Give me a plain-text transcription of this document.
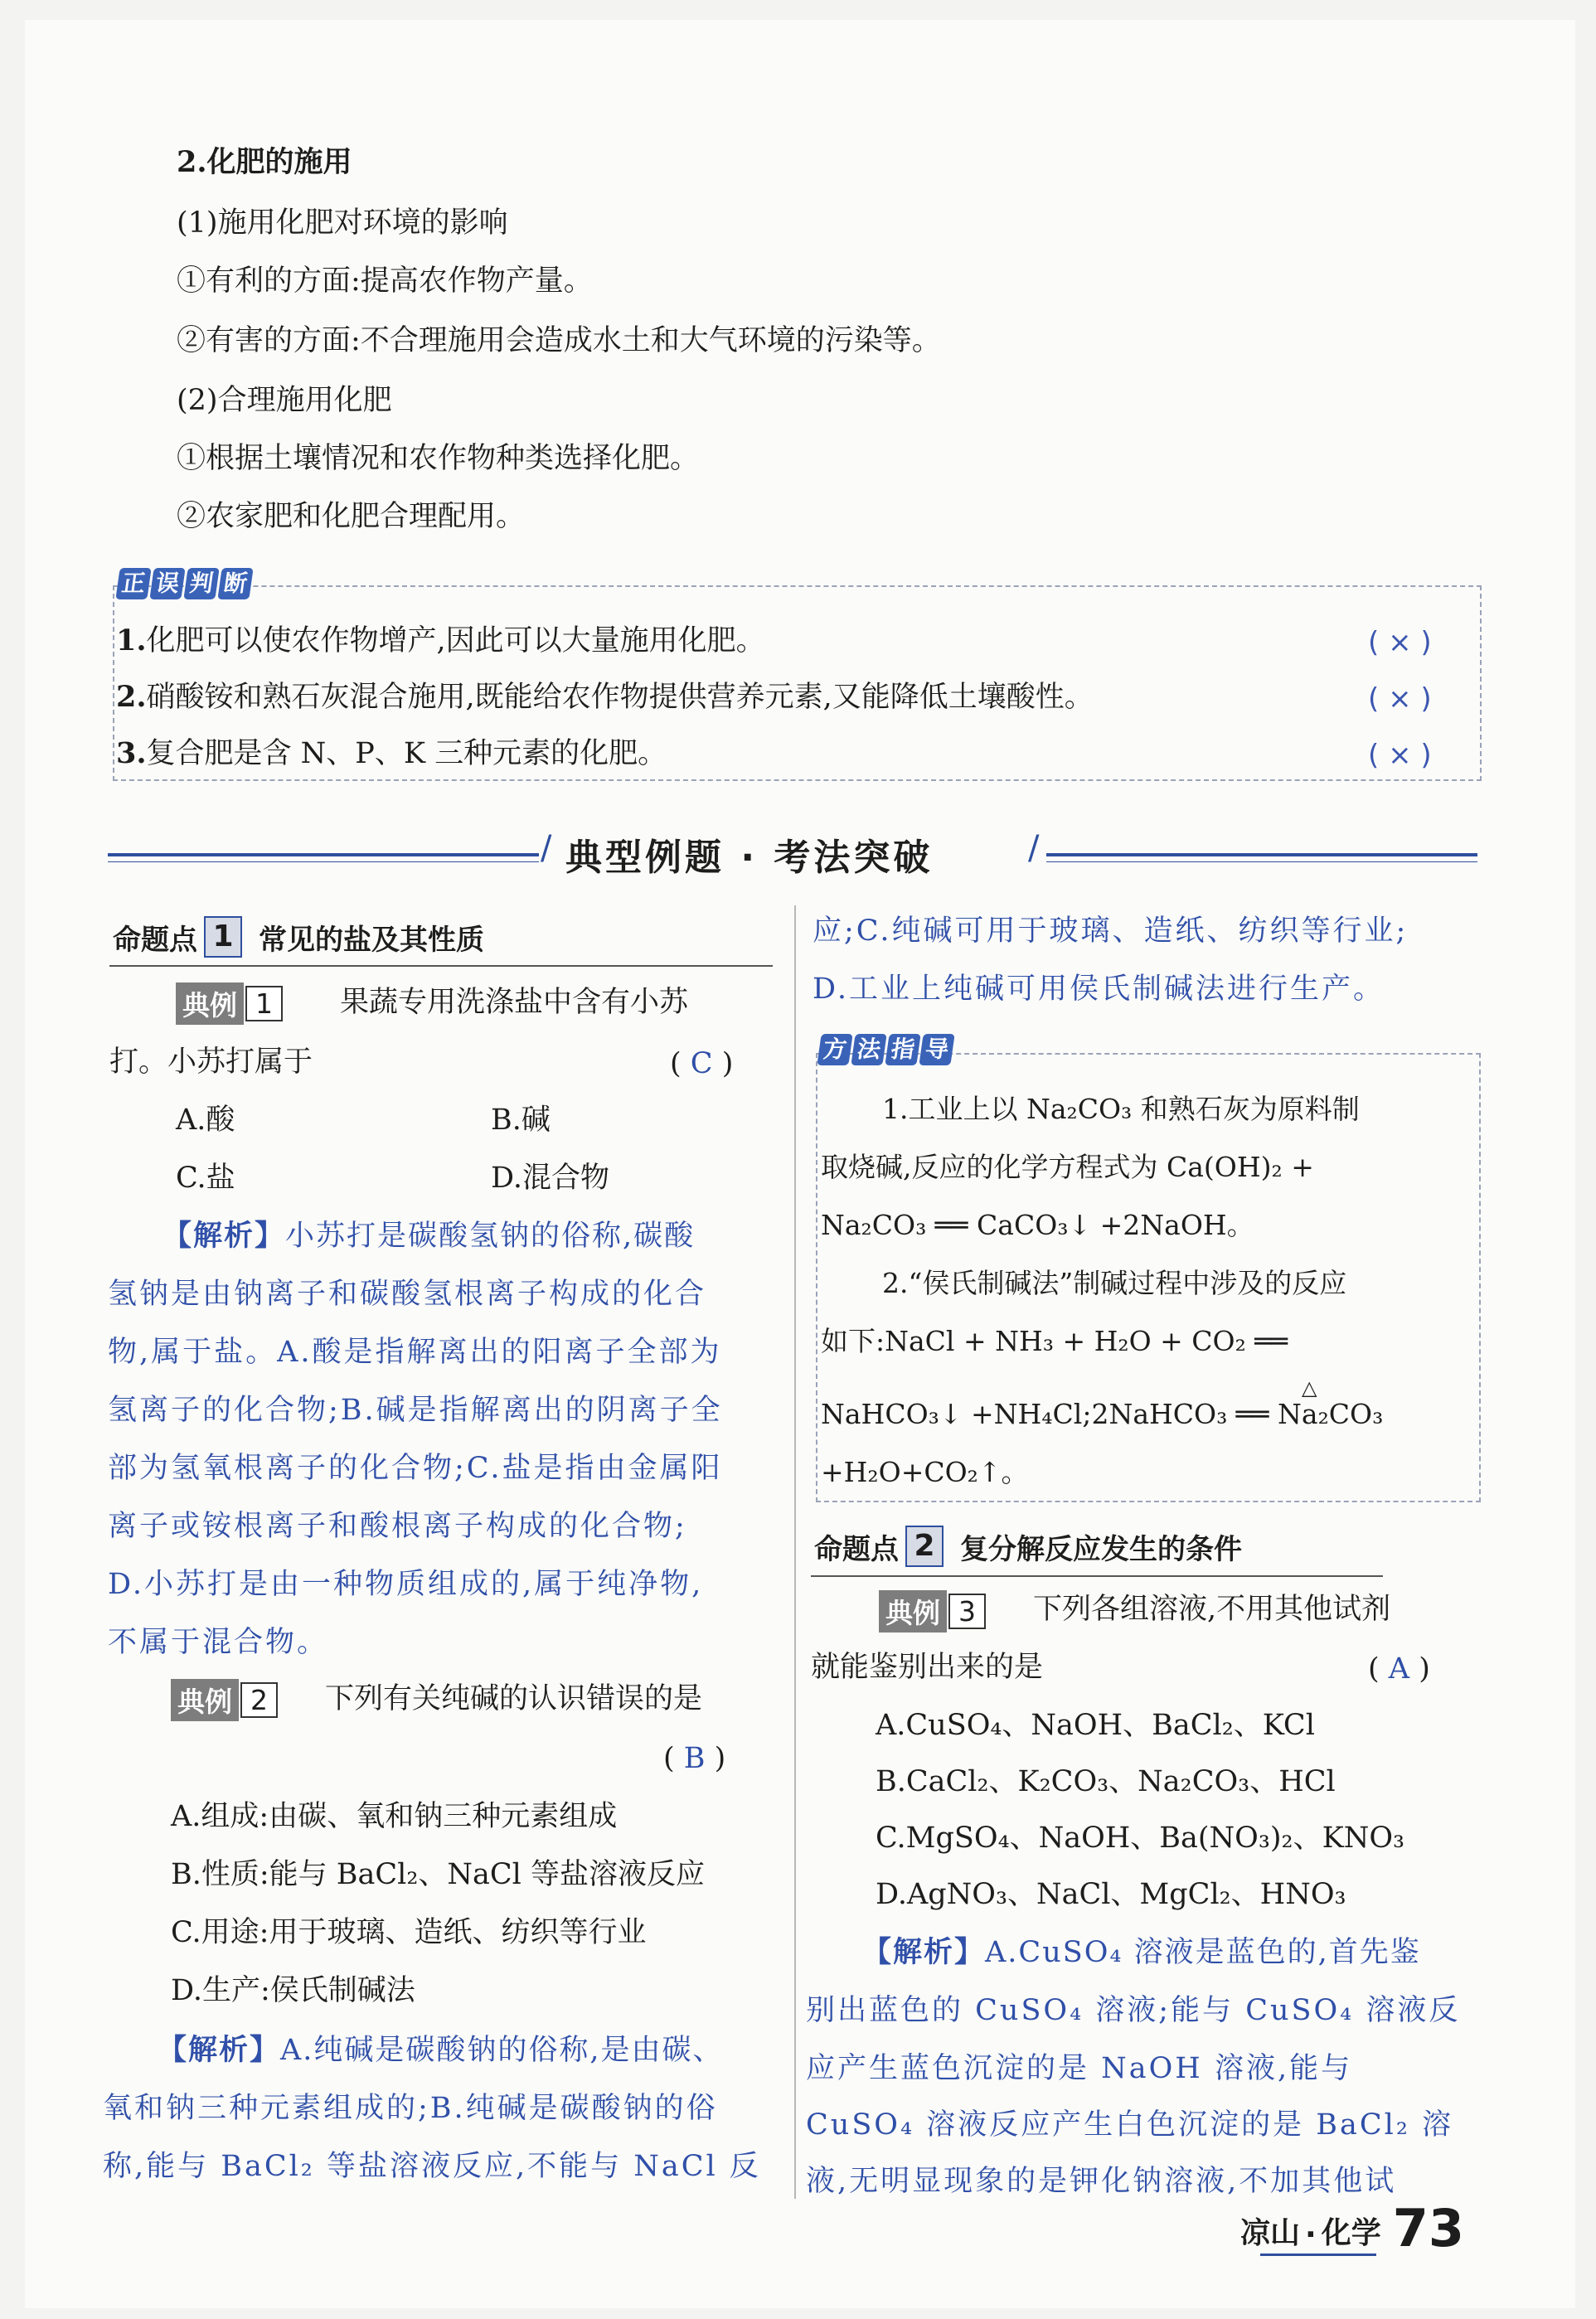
2.化肥的施用
(1)施用化肥对环境的影响
①有利的方面:提高农作物产量。
②有害的方面:不合理施用会造成水土和大气环境的污染等。
(2)合理施用化肥
①根据土壤情况和农作物种类选择化肥。
②农家肥和化肥合理配用。
正 误 判 断
1.化肥可以使农作物增产,因此可以大量施用化肥。	( × )
2.硝酸铵和熟石灰混合施用,既能给农作物提供营养元素,又能降低土壤酸性。	( × )
3.复合肥是含 N、P、K 三种元素的化肥。	( × )
/	/
典型例题 · 考法突破
命题点 1 常见的盐及其性质
典例 1	果蔬专用洗涤盐中含有小苏
打。小苏打属于	( C )
A.酸	B.碱
C.盐	D.混合物
【解析】小苏打是碳酸氢钠的俗称,碳酸
氢钠是由钠离子和碳酸氢根离子构成的化合
物,属于盐。A.酸是指解离出的阳离子全部为
氢离子的化合物;B.碱是指解离出的阴离子全
部为氢氧根离子的化合物;C.盐是指由金属阳
离子或铵根离子和酸根离子构成的化合物;
D.小苏打是由一种物质组成的,属于纯净物,
不属于混合物。
典例 2	下列有关纯碱的认识错误的是
( B )
A.组成:由碳、氧和钠三种元素组成
B.性质:能与 BaCl₂、NaCl 等盐溶液反应
C.用途:用于玻璃、造纸、纺织等行业
D.生产:侯氏制碱法
【解析】A.纯碱是碳酸钠的俗称,是由碳、
氧和钠三种元素组成的;B.纯碱是碳酸钠的俗
称,能与 BaCl₂ 等盐溶液反应,不能与 NaCl 反
应;C.纯碱可用于玻璃、造纸、纺织等行业;
D.工业上纯碱可用侯氏制碱法进行生产。
方 法 指 导
1.工业上以 Na₂CO₃ 和熟石灰为原料制
取烧碱,反应的化学方程式为 Ca(OH)₂ +
Na₂CO₃ ══ CaCO₃↓ +2NaOH。
2.“侯氏制碱法”制碱过程中涉及的反应
如下:NaCl + NH₃ + H₂O + CO₂ ══
△
NaHCO₃↓ +NH₄Cl;2NaHCO₃ ══ Na₂CO₃
+H₂O+CO₂↑。
命题点 2 复分解反应发生的条件
典例 3	下列各组溶液,不用其他试剂
就能鉴别出来的是	( A )
A.CuSO₄、NaOH、BaCl₂、KCl
B.CaCl₂、K₂CO₃、Na₂CO₃、HCl
C.MgSO₄、NaOH、Ba(NO₃)₂、KNO₃
D.AgNO₃、NaCl、MgCl₂、HNO₃
【解析】A.CuSO₄ 溶液是蓝色的,首先鉴
别出蓝色的 CuSO₄ 溶液;能与 CuSO₄ 溶液反
应产生蓝色沉淀的是 NaOH 溶液,能与
CuSO₄ 溶液反应产生白色沉淀的是 BaCl₂ 溶
液,无明显现象的是钾化钠溶液,不加其他试
凉山 · 化学 73
